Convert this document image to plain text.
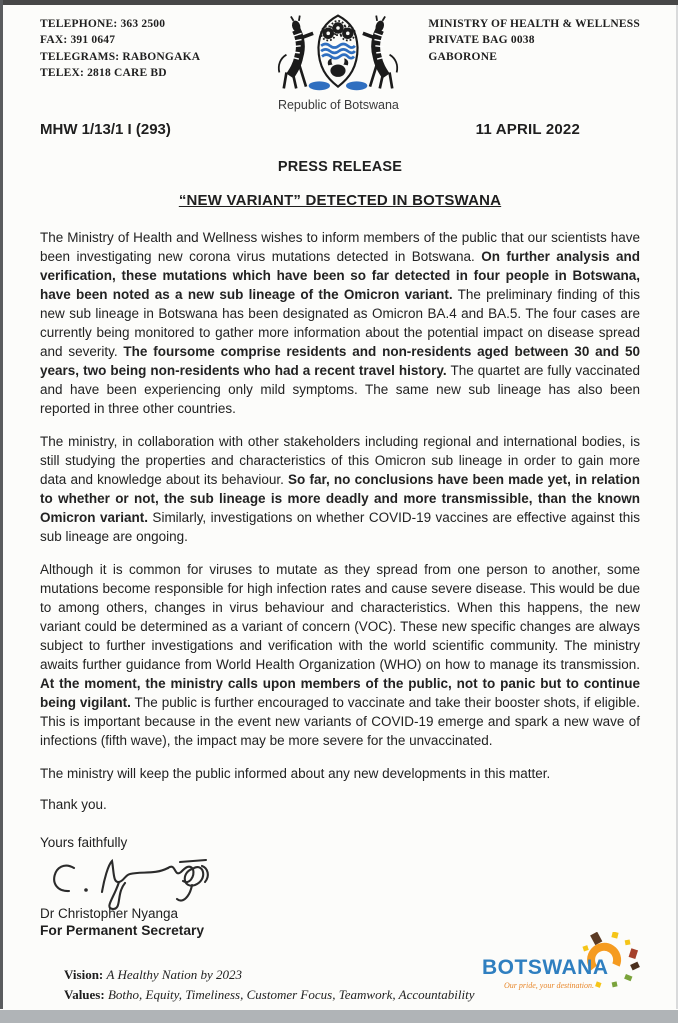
TELEPHONE: 363 2500
FAX: 391 0647
TELEGRAMS: RABONGAKA
TELEX: 2818 CARE BD
Republic of Botswana
MINISTRY OF HEALTH & WELLNESS
PRIVATE BAG 0038
GABORONE
MHW 1/13/1 I (293)	11 APRIL 2022
PRESS RELEASE
“NEW VARIANT” DETECTED IN BOTSWANA

The Ministry of Health and Wellness wishes to inform members of the public that our scientists have been investigating new corona virus mutations detected in Botswana. On further analysis and verification, these mutations which have been so far detected in four people in Botswana, have been noted as a new sub lineage of the Omicron variant. The preliminary finding of this new sub lineage in Botswana has been designated as Omicron BA.4 and BA.5. The four cases are currently being monitored to gather more information about the potential impact on disease spread and severity. The foursome comprise residents and non-residents aged between 30 and 50 years, two being non-residents who had a recent travel history. The quartet are fully vaccinated and have been experiencing only mild symptoms. The same new sub lineage has also been reported in three other countries.

The ministry, in collaboration with other stakeholders including regional and international bodies, is still studying the properties and characteristics of this Omicron sub lineage in order to gain more data and knowledge about its behaviour. So far, no conclusions have been made yet, in relation to whether or not, the sub lineage is more deadly and more transmissible, than the known Omicron variant. Similarly, investigations on whether COVID-19 vaccines are effective against this sub lineage are ongoing.

Although it is common for viruses to mutate as they spread from one person to another, some mutations become responsible for high infection rates and cause severe disease. This would be due to among others, changes in virus behaviour and characteristics. When this happens, the new variant could be determined as a variant of concern (VOC). These new specific changes are always subject to further investigations and verification with the world scientific community. The ministry awaits further guidance from World Health Organization (WHO) on how to manage its transmission. At the moment, the ministry calls upon members of the public, not to panic but to continue being vigilant. The public is further encouraged to vaccinate and take their booster shots, if eligible. This is important because in the event new variants of COVID-19 emerge and spark a new wave of infections (fifth wave), the impact may be more severe for the unvaccinated.

The ministry will keep the public informed about any new developments in this matter.

Thank you.
Yours faithfully
Dr Christopher Nyanga
For Permanent Secretary
Vision: A Healthy Nation by 2023
Values: Botho, Equity, Timeliness, Customer Focus, Teamwork, Accountability
BOTSWANA
Our pride, your destination.
